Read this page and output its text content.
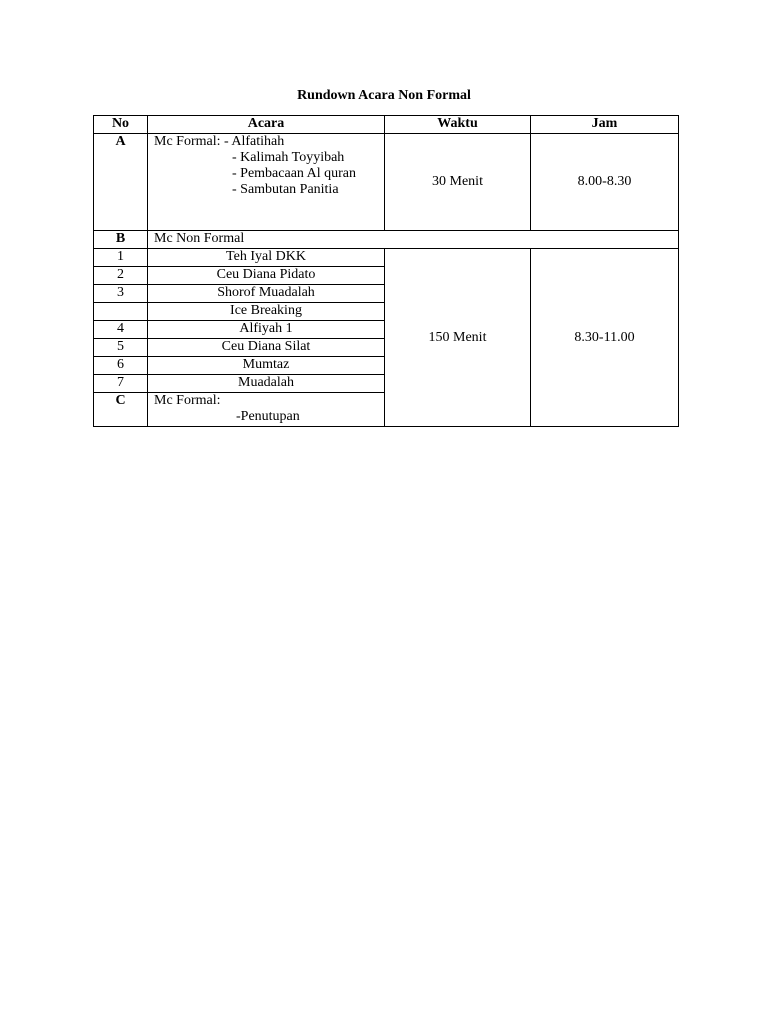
Rundown Acara Non Formal
No	Acara	Waktu	Jam
A	Mc Formal: - Alfatihah
- Kalimah Toyyibah
- Pembacaan Al quran
- Sambutan Panitia	30 Menit	8.00-8.30
B	Mc Non Formal		
1	Teh Iyal DKK	150 Menit	8.30-11.00
2	Ceu Diana Pidato		
3	Shorof Muadalah		
	Ice Breaking		
4	Alfiyah 1		
5	Ceu Diana Silat		
6	Mumtaz		
7	Muadalah		
C	Mc Formal:
-Penutupan		
